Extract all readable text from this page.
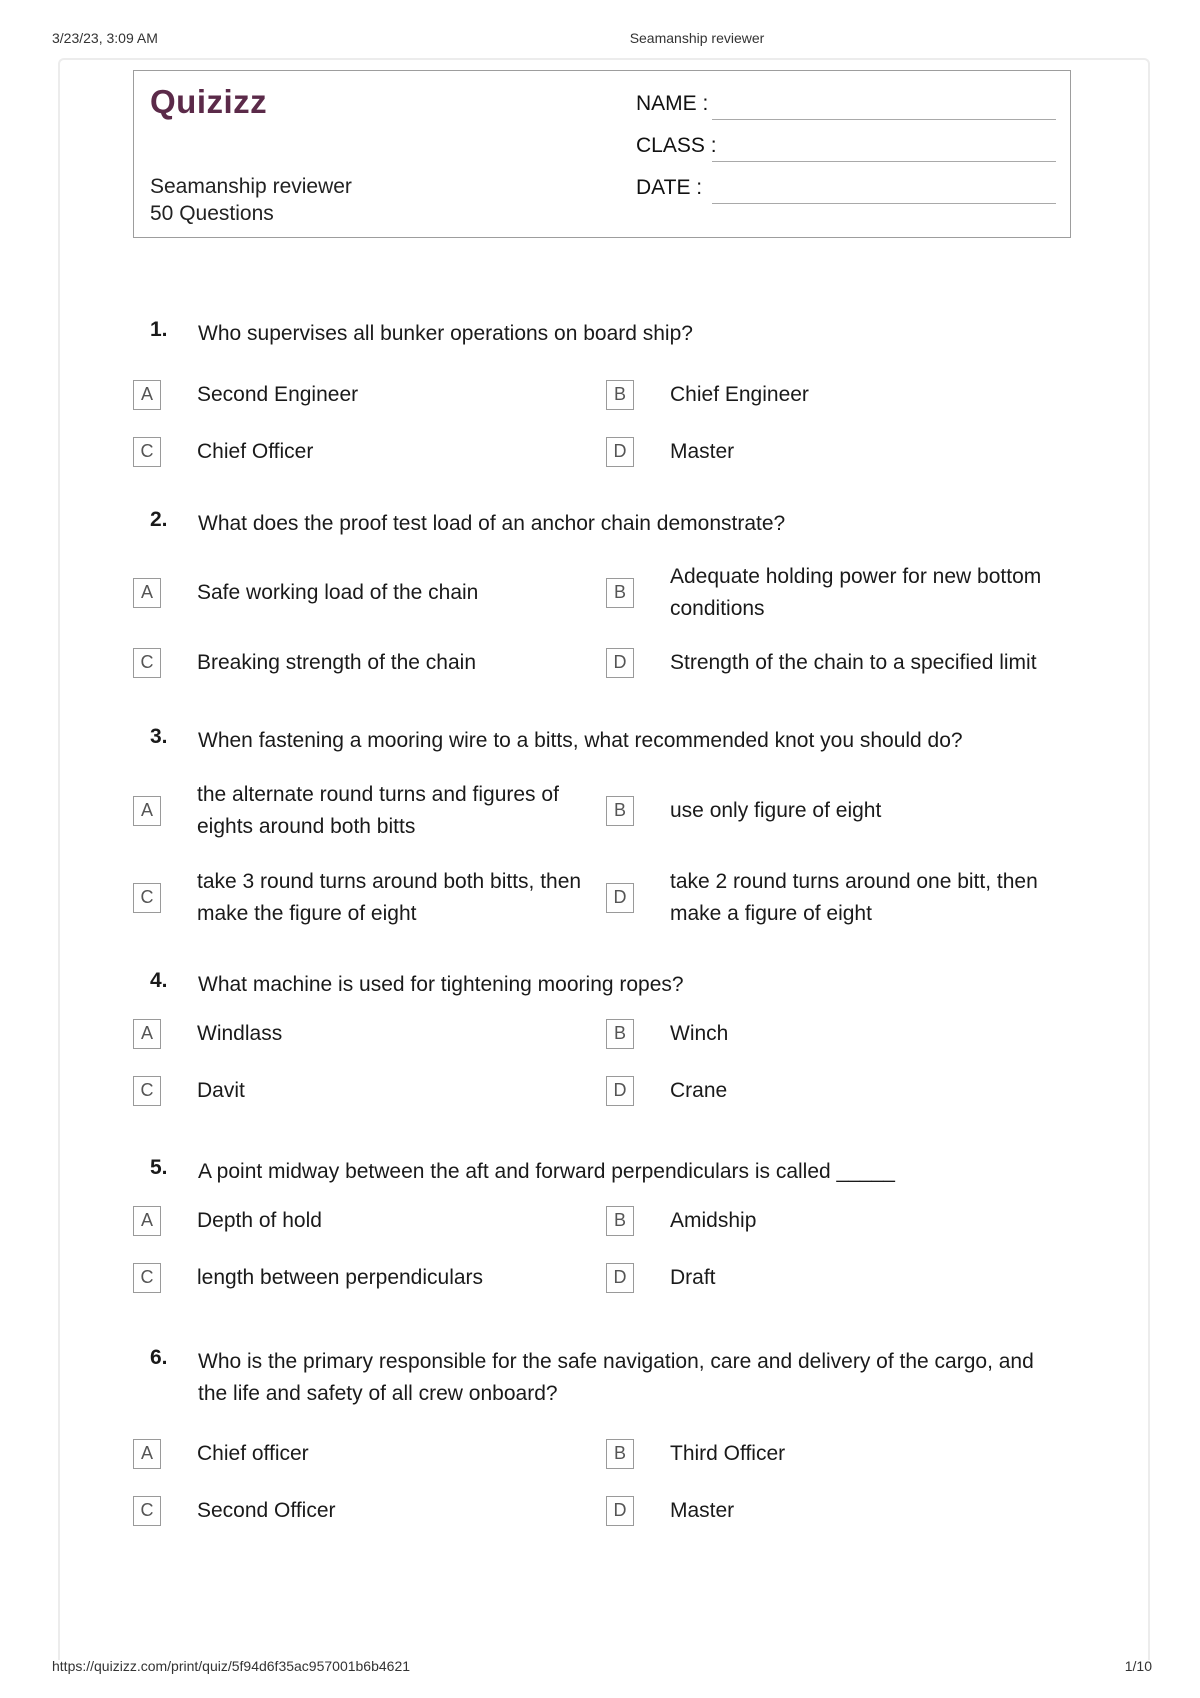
3/23/23, 3:09 AM	Seamanship reviewer
Quizizz
Seamanship reviewer
50 Questions
NAME :
CLASS :
DATE :
1. Who supervises all bunker operations on board ship?
A	Second Engineer	B	Chief Engineer
C	Chief Officer	D	Master
2. What does the proof test load of an anchor chain demonstrate?
A	Safe working load of the chain	B
Adequate holding power for new bottom conditions
C	Breaking strength of the chain	D	Strength of the chain to a specified limit
3. When fastening a mooring wire to a bitts, what recommended knot you should do?
A
the alternate round turns and figures of eights around both bitts
B	use only figure of eight
C
take 3 round turns around both bitts, then make the figure of eight
D
take 2 round turns around one bitt, then make a figure of eight
4. What machine is used for tightening mooring ropes?
A	Windlass	B	Winch
C	Davit	D	Crane
5. A point midway between the aft and forward perpendiculars is called _____
A	Depth of hold	B	Amidship
C	length between perpendiculars	D	Draft
6. Who is the primary responsible for the safe navigation, care and delivery of the cargo, and the life and safety of all crew onboard?
A	Chief officer	B	Third Officer
C	Second Officer	D	Master
https://quizizz.com/print/quiz/5f94d6f35ac957001b6b4621	1/10
